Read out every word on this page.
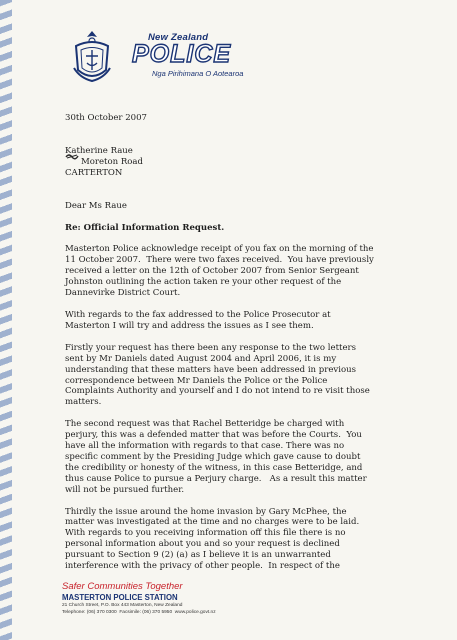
New Zealand
POLICE
Nga Pirihimana O Aotearoa

30th October 2007

Katherine Raue

Moreton Road

CARTERTON

Dear Ms Raue

Re: Official Information Request.

Masterton Police acknowledge receipt of you fax on the morning of the

11 October 2007.  There were two faxes received.  You have previously

received a letter on the 12th of October 2007 from Senior Sergeant

Johnston outlining the action taken re your other request of the

Dannevirke District Court.

With regards to the fax addressed to the Police Prosecutor at

Masterton I will try and address the issues as I see them.

Firstly your request has there been any response to the two letters

sent by Mr Daniels dated August 2004 and April 2006, it is my

understanding that these matters have been addressed in previous

correspondence between Mr Daniels the Police or the Police

Complaints Authority and yourself and I do not intend to re visit those

matters.

The second request was that Rachel Betteridge be charged with

perjury, this was a defended matter that was before the Courts.  You

have all the information with regards to that case. There was no

specific comment by the Presiding Judge which gave cause to doubt

the credibility or honesty of the witness, in this case Betteridge, and

thus cause Police to pursue a Perjury charge.   As a result this matter

will not be pursued further.

Thirdly the issue around the home invasion by Gary McPhee, the

matter was investigated at the time and no charges were to be laid.

With regards to you receiving information off this file there is no

personal information about you and so your request is declined

pursuant to Section 9 (2) (a) as I believe it is an unwarranted

interference with the privacy of other people.  In respect of the

Safer Communities Together

MASTERTON POLICE STATION

21 Church Street, P.O. Box 443 Masterton, New Zealand

Telephone: (06) 370 0300  Facsimile: (06) 370 5950  www.police.govt.nz
